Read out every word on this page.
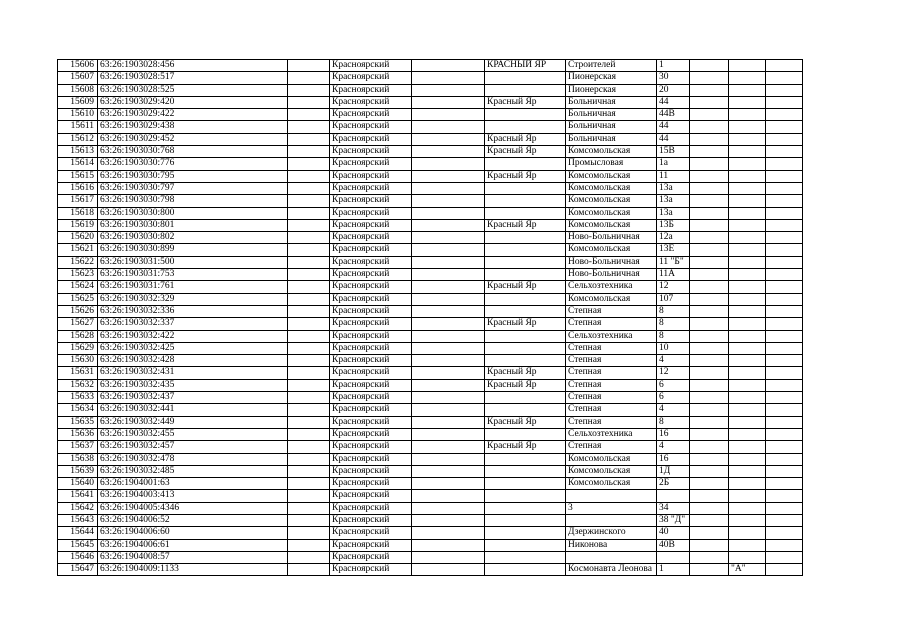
15606	63:26:1903028:456		Красноярский		КРАСНЫЙ ЯР	Строителей	1			
15607	63:26:1903028:517		Красноярский			Пионерская	30			
15608	63:26:1903028:525		Красноярский			Пионерская	20			
15609	63:26:1903029:420		Красноярский		Красный Яр	Больничная	44			
15610	63:26:1903029:422		Красноярский			Больничная	44В			
15611	63:26:1903029:438		Красноярский			Больничная	44			
15612	63:26:1903029:452		Красноярский		Красный Яр	Больничная	44			
15613	63:26:1903030:768		Красноярский		Красный Яр	Комсомольская	15В			
15614	63:26:1903030:776		Красноярский			Промысловая	1а			
15615	63:26:1903030:795		Красноярский		Красный Яр	Комсомольская	11			
15616	63:26:1903030:797		Красноярский			Комсомольская	13а			
15617	63:26:1903030:798		Красноярский			Комсомольская	13а			
15618	63:26:1903030:800		Красноярский			Комсомольская	13а			
15619	63:26:1903030:801		Красноярский		Красный Яр	Комсомольская	13Б			
15620	63:26:1903030:802		Красноярский			Ново-Больничная	12а			
15621	63:26:1903030:899		Красноярский			Комсомольская	13Е			
15622	63:26:1903031:500		Красноярский			Ново-Больничная	11 "Б"			
15623	63:26:1903031:753		Красноярский			Ново-Больничная	11А			
15624	63:26:1903031:761		Красноярский		Красный Яр	Сельхозтехника	12			
15625	63:26:1903032:329		Красноярский			Комсомольская	107			
15626	63:26:1903032:336		Красноярский			Степная	8			
15627	63:26:1903032:337		Красноярский		Красный Яр	Степная	8			
15628	63:26:1903032:422		Красноярский			Сельхозтехника	8			
15629	63:26:1903032:425		Красноярский			Степная	10			
15630	63:26:1903032:428		Красноярский			Степная	4			
15631	63:26:1903032:431		Красноярский		Красный Яр	Степная	12			
15632	63:26:1903032:435		Красноярский		Красный Яр	Степная	6			
15633	63:26:1903032:437		Красноярский			Степная	6			
15634	63:26:1903032:441		Красноярский			Степная	4			
15635	63:26:1903032:449		Красноярский		Красный Яр	Степная	8			
15636	63:26:1903032:455		Красноярский			Сельхозтехника	16			
15637	63:26:1903032:457		Красноярский		Красный Яр	Степная	4			
15638	63:26:1903032:478		Красноярский			Комсомольская	16			
15639	63:26:1903032:485		Красноярский			Комсомольская	1Д			
15640	63:26:1904001:63		Красноярский			Комсомольская	2Б			
15641	63:26:1904003:413		Красноярский							
15642	63:26:1904005:4346		Красноярский			3	34			
15643	63:26:1904006:52		Красноярский				38 "Д"			
15644	63:26:1904006:60		Красноярский			Дзержинского	40			
15645	63:26:1904006:61		Красноярский			Никонова	40В			
15646	63:26:1904008:57		Красноярский							
15647	63:26:1904009:1133		Красноярский			Космонавта Леонова	1		"А"	
